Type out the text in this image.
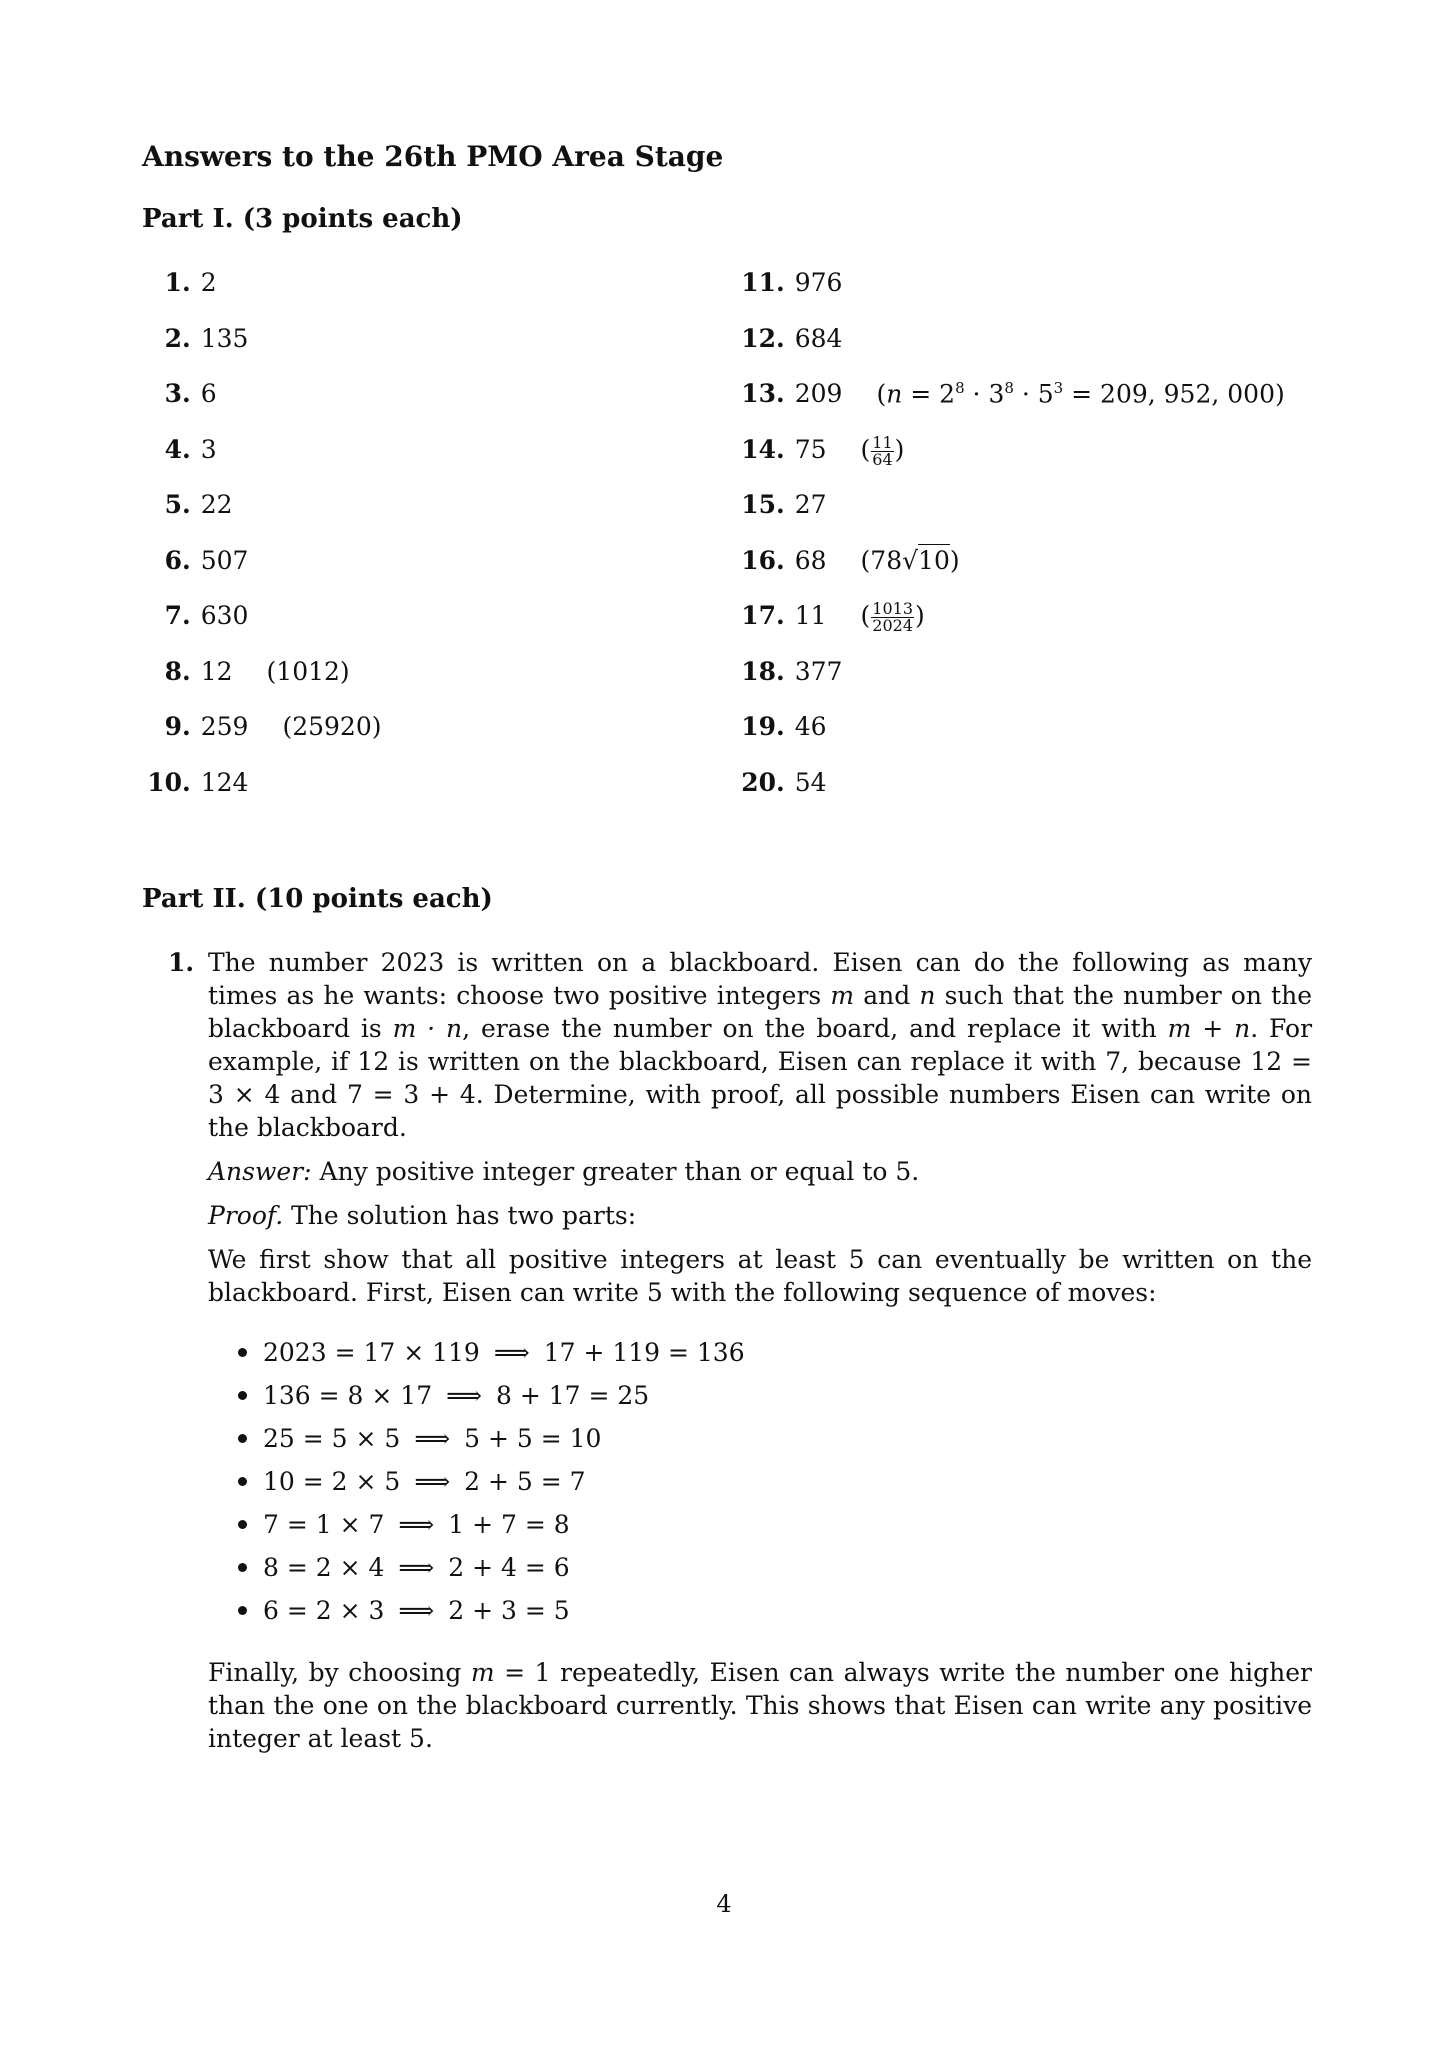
Answers to the 26th PMO Area Stage
Part I. (3 points each)
1 . 2
2 . 135
3 . 6
4 . 3
5 . 22
6 . 507
7 . 630
8 . 12 (1012)
9 . 259 (25920)
10 . 124
11 . 976
12 . 684
13 . 209 ($n = 2^8 \cdot 3^8 \cdot 5^3 = 209$, 952, 000)
14 . 75 ( $\frac{11}{64}$ )
15 . 27
16 . 68 (78√10)
17 . 11 ( $\frac{1013}{2024}$ )
18 . 377
19 . 46
20 . 54
Part II. (10 points each)
1. The number 2023 is written on a blackboard. Eisen can do the following as many times as he wants: choose two positive integers m and n such that the number on the blackboard is m · n, erase the number on the board, and replace it with m + n. For example, if 12 is written on the blackboard, Eisen can replace it with 7, because 12 = 3 × 4 and 7 = 3 + 4. Determine, with proof, all possible numbers Eisen can write on the blackboard.

Answer: Any positive integer greater than or equal to 5.

Proof. The solution has two parts:

We first show that all positive integers at least 5 can eventually be written on the blackboard. First, Eisen can write 5 with the following sequence of moves:

2023 = 17 × 119 ⟹ 17 + 119 = 136
136 = 8 × 17 ⟹ 8 + 17 = 25
25 = 5 × 5 ⟹ 5 + 5 = 10
10 = 2 × 5 ⟹ 2 + 5 = 7
7 = 1 × 7 ⟹ 1 + 7 = 8
8 = 2 × 4 ⟹ 2 + 4 = 6
6 = 2 × 3 ⟹ 2 + 3 = 5

Finally, by choosing m = 1 repeatedly, Eisen can always write the number one higher than the one on the blackboard currently. This shows that Eisen can write any positive integer at least 5.

4
